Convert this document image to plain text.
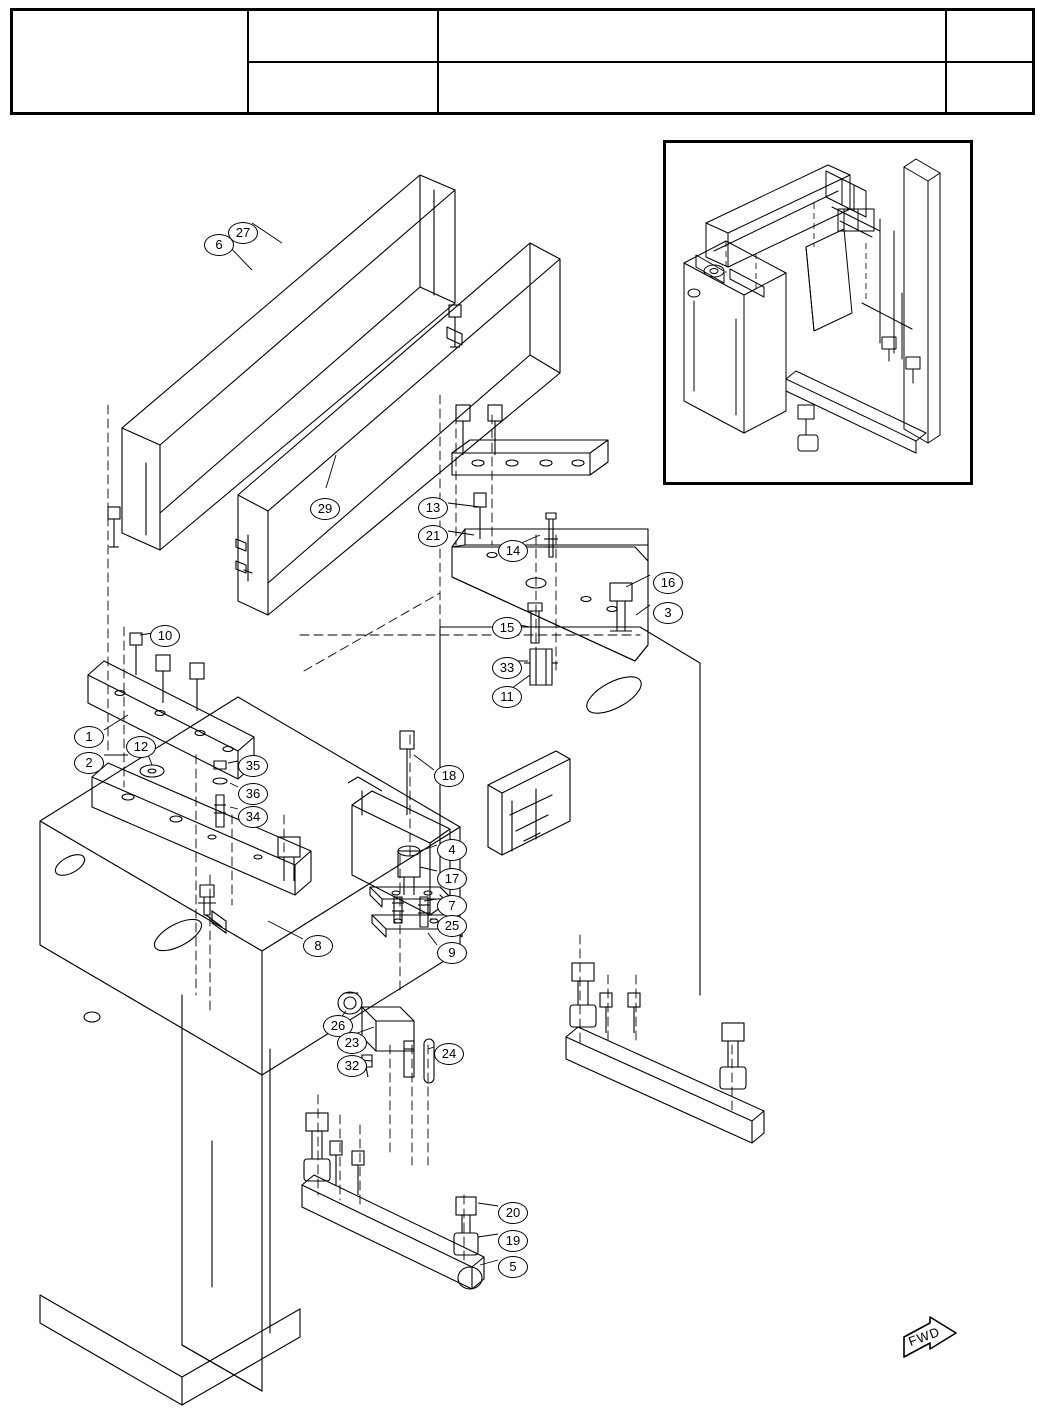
27
6
29	13
21
14
16
3
15
33
11
10
1
12
2	35
36
34
18
4
17
7
25
9
8
26
23
32
24
20
19
5
FWD
